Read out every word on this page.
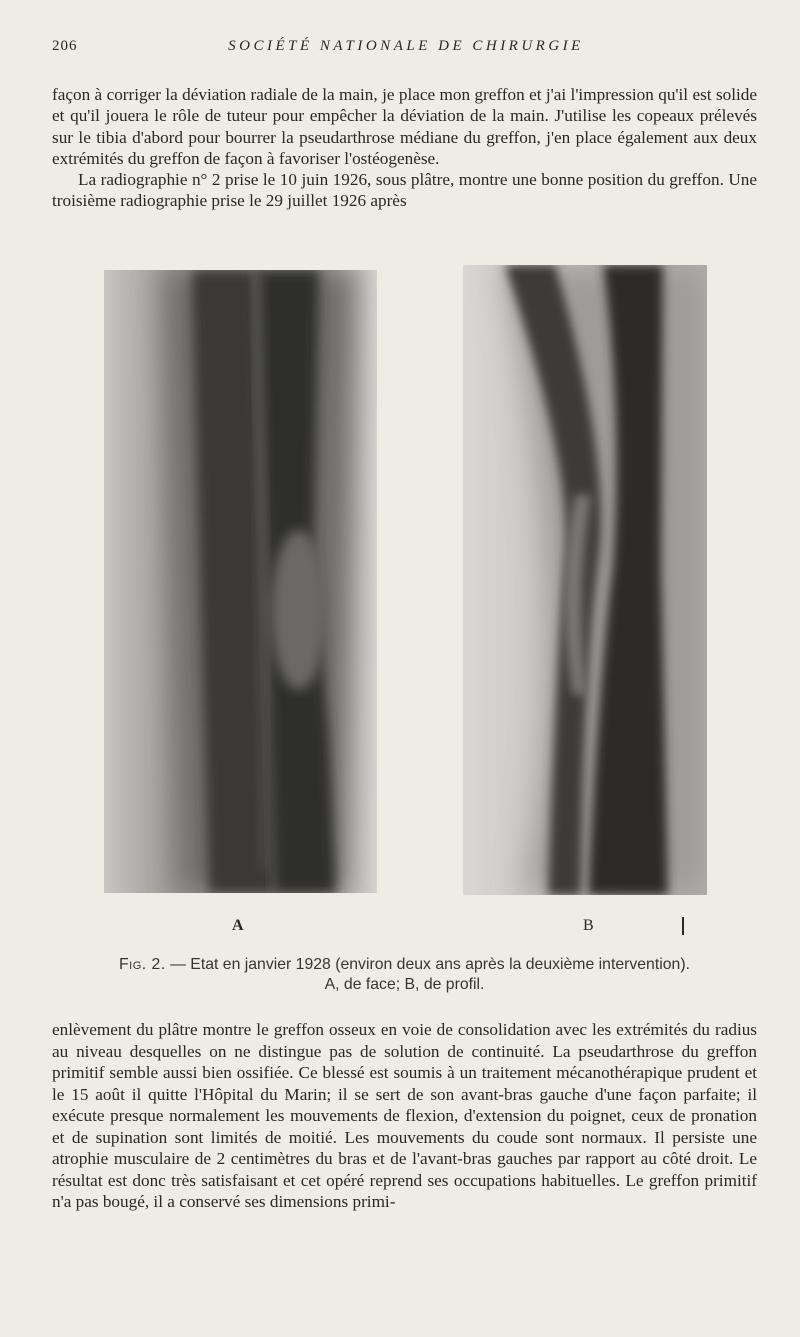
206	SOCIÉTÉ NATIONALE DE CHIRURGIE
façon à corriger la déviation radiale de la main, je place mon greffon et j'ai l'impression qu'il est solide et qu'il jouera le rôle de tuteur pour empêcher la déviation de la main. J'utilise les copeaux prélevés sur le tibia d'abord pour bourrer la pseudarthrose médiane du greffon, j'en place également aux deux extrémités du greffon de façon à favoriser l'ostéogenèse.
La radiographie n° 2 prise le 10 juin 1926, sous plâtre, montre une bonne position du greffon. Une troisième radiographie prise le 29 juillet 1926 après
A	B
Fig. 2. — Etat en janvier 1928 (environ deux ans après la deuxième intervention).
A, de face; B, de profil.
enlèvement du plâtre montre le greffon osseux en voie de consolidation avec les extrémités du radius au niveau desquelles on ne distingue pas de solution de continuité. La pseudarthrose du greffon primitif semble aussi bien ossifiée. Ce blessé est soumis à un traitement mécanothérapique prudent et le 15 août il quitte l'Hôpital du Marin; il se sert de son avant-bras gauche d'une façon parfaite; il exécute presque normalement les mouvements de flexion, d'extension du poignet, ceux de pronation et de supination sont limités de moitié. Les mouvements du coude sont normaux. Il persiste une atrophie musculaire de 2 centimètres du bras et de l'avant-bras gauches par rapport au côté droit. Le résultat est donc très satisfaisant et cet opéré reprend ses occupations habituelles. Le greffon primitif n'a pas bougé, il a conservé ses dimensions primi-
